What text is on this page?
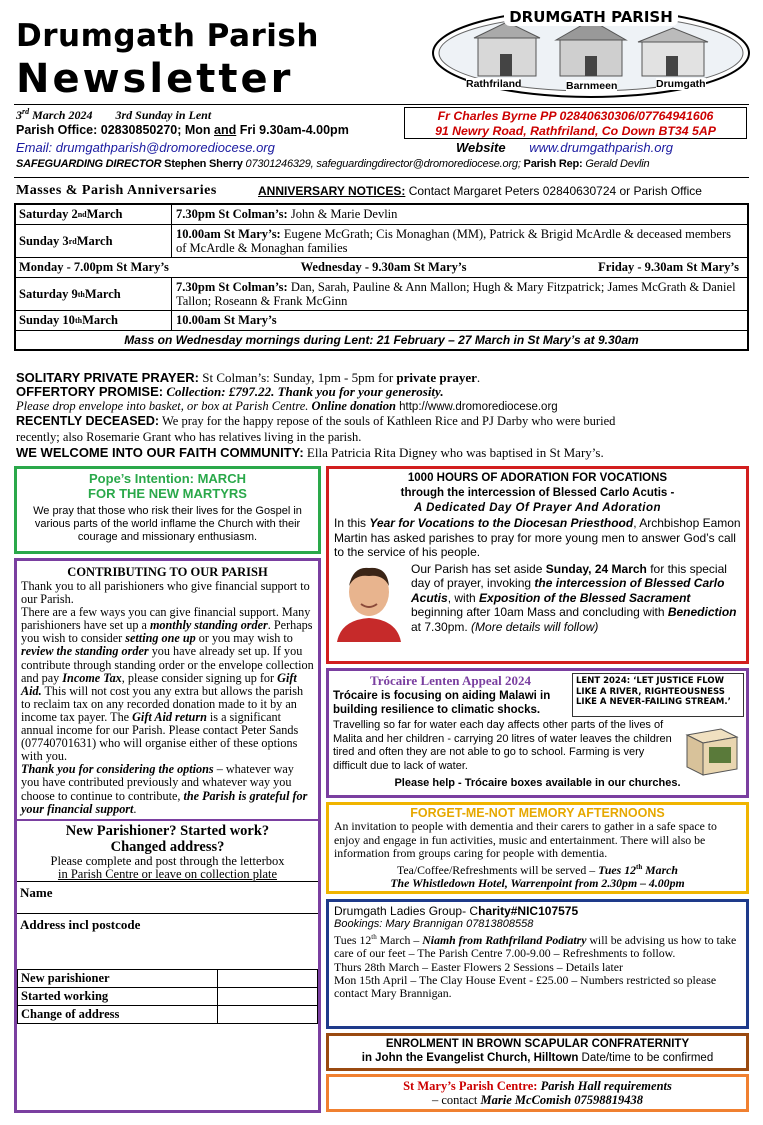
Drumgath Parish
Newsletter
DRUMGATH PARISH
Rathfriland	Barnmeen	Drumgath
3rd March 2024 3rd Sunday in Lent
Parish Office: 02830850270; Mon and Fri 9.30am-4.00pm
Fr Charles Byrne PP 02840630306/07764941606
91 Newry Road, Rathfriland, Co Down BT34 5AP
Email: drumgathparish@dromorediocese.org	Website www.drumgathparish.org
SAFEGUARDING DIRECTOR Stephen Sherry 07301246329, safeguardingdirector@dromorediocese.org; Parish Rep: Gerald Devlin
Masses & Parish Anniversaries	ANNIVERSARY NOTICES: Contact Margaret Peters 02840630724 or Parish Office
Saturday 2 nd March	7.30pm St Colman’s: John & Marie Devlin
Sunday 3 rd March	10.00am St Mary’s: Eugene McGrath; Cis Monaghan (MM), Patrick & Brigid McArdle & deceased members of McArdle & Monaghan families
Monday - 7.00pm St Mary’s	Wednesday - 9.30am St Mary’s	Friday - 9.30am St Mary’s
Saturday 9 th March	7.30pm St Colman’s: Dan, Sarah, Pauline & Ann Mallon; Hugh & Mary Fitzpatrick; James McGrath & Daniel Tallon; Roseann & Frank McGinn
Sunday 10 th March	10.00am St Mary’s
Mass on Wednesday mornings during Lent: 21 February – 27 March in St Mary’s at 9.30am
SOLITARY PRIVATE PRAYER: St Colman’s: Sunday, 1pm - 5pm for private prayer.
OFFERTORY PROMISE: Collection: £797.22. Thank you for your generosity.
Please drop envelope into basket, or box at Parish Centre. Online donation http://www.dromorediocese.org
RECENTLY DECEASED: We pray for the happy repose of the souls of Kathleen Rice and PJ Darby who were buried
recently; also Rosemarie Grant who has relatives living in the parish.
WE WELCOME INTO OUR FAITH COMMUNITY: Ella Patricia Rita Digney who was baptised in St Mary’s.
Pope’s Intention: MARCH
FOR THE NEW MARTYRS
We pray that those who risk their lives for the Gospel in various parts of the world inflame the Church with their courage and missionary enthusiasm.
CONTRIBUTING TO OUR PARISH
Thank you to all parishioners who give financial support to our Parish.
There are a few ways you can give financial support. Many parishioners have set up a monthly standing order. Perhaps you wish to consider setting one up or you may wish to review the standing order you have already set up. If you contribute through standing order or the envelope collection and pay Income Tax, please consider signing up for Gift Aid. This will not cost you any extra but allows the parish to reclaim tax on any recorded donation made to it by an income tax payer. The Gift Aid return is a significant annual income for our Parish. Please contact Peter Sands (07740701631) who will organise either of these options with you.
Thank you for considering the options – whatever way you have contributed previously and whatever way you choose to continue to contribute, the Parish is grateful for your financial support.
New Parishioner? Started work?
Changed address?
Please complete and post through the letterbox
in Parish Centre or leave on collection plate
Name
Address incl postcode
New parishioner	
Started working	
Change of address	
1000 HOURS OF ADORATION FOR VOCATIONS
through the intercession of Blessed Carlo Acutis -
A Dedicated Day Of Prayer And Adoration
In this Year for Vocations to the Diocesan Priesthood, Archbishop Eamon Martin has asked parishes to pray for more young men to answer God’s call to the service of his people.
Our Parish has set aside Sunday, 24 March for this special day of prayer, invoking the intercession of Blessed Carlo Acutis, with Exposition of the Blessed Sacrament beginning after 10am Mass and concluding with Benediction at 7.30pm. (More details will follow)
Trócaire Lenten Appeal 2024
Trócaire is focusing on aiding Malawi in building resilience to climatic shocks.
LENT 2024: ‘LET JUSTICE FLOW LIKE A RIVER, RIGHTEOUSNESS LIKE A NEVER-FAILING STREAM.’
Travelling so far for water each day affects other parts of the lives of Malita and her children - carrying 20 litres of water leaves the children tired and often they are not able to go to school. Farming is very difficult due to lack of water.
Please help - Trócaire boxes available in our churches.
FORGET-ME-NOT MEMORY AFTERNOONS
An invitation to people with dementia and their carers to gather in a safe space to enjoy and engage in fun activities, music and entertainment. There will also be information from groups caring for people with dementia.
Tea/Coffee/Refreshments will be served – Tues 12th March
The Whistledown Hotel, Warrenpoint from 2.30pm – 4.00pm
Drumgath Ladies Group- Charity#NIC107575
Bookings: Mary Brannigan 07813808558
Tues 12th March – Niamh from Rathfriland Podiatry will be advising us how to take care of our feet – The Parish Centre 7.00-9.00 – Refreshments to follow.
Thurs 28th March – Easter Flowers 2 Sessions – Details later
Mon 15th April – The Clay House Event - £25.00 – Numbers restricted so please contact Mary Brannigan.
ENROLMENT IN BROWN SCAPULAR CONFRATERNITY
in John the Evangelist Church, Hilltown Date/time to be confirmed
St Mary’s Parish Centre: Parish Hall requirements
– contact Marie McComish 07598819438
